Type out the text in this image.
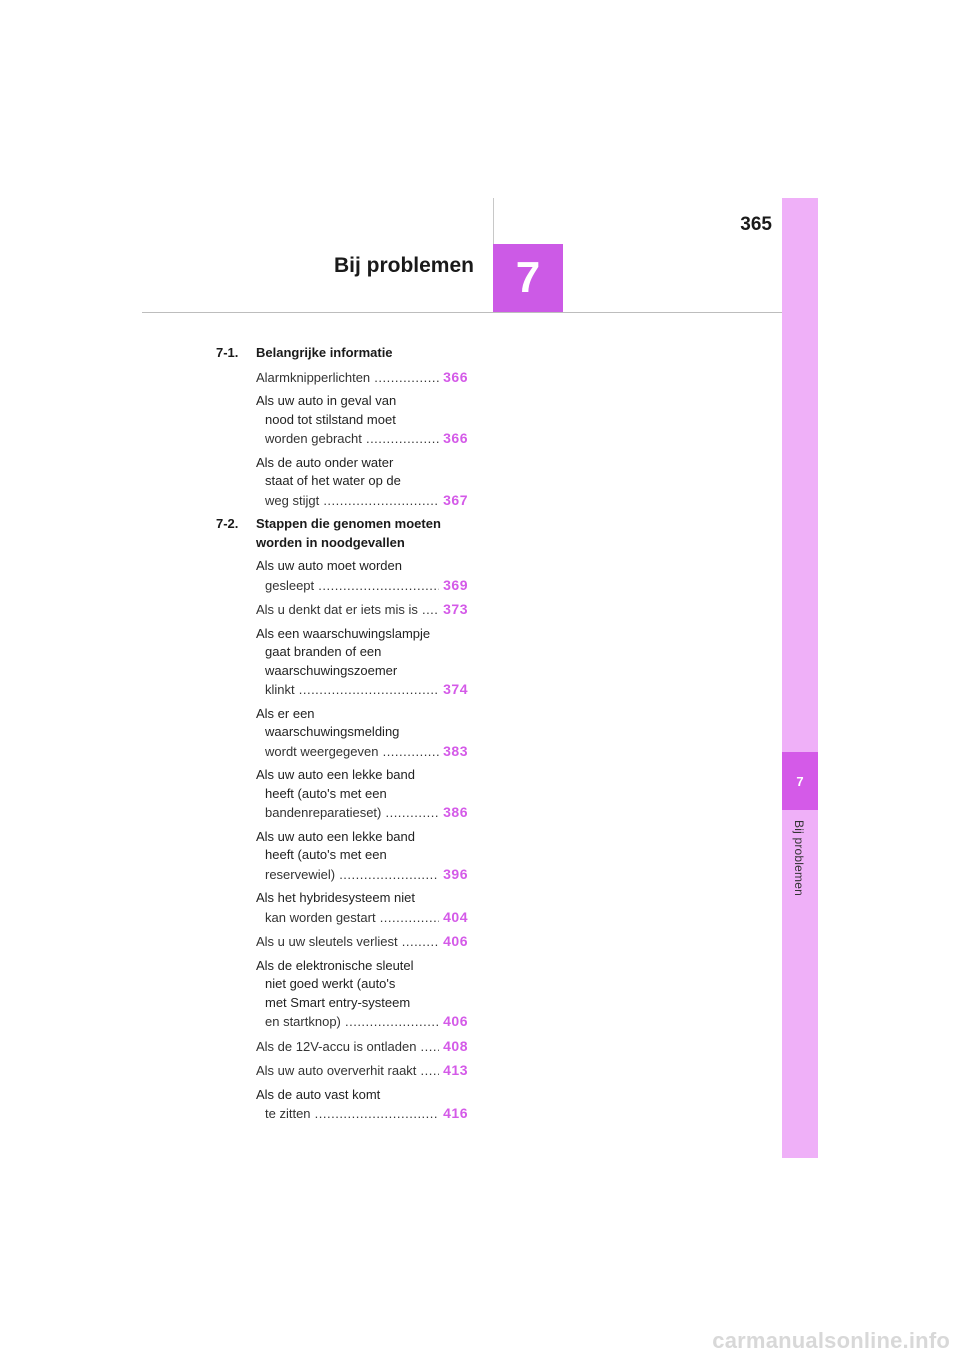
7
Bij problemen
365
7
Bij problemen
7-1. Belangrijke informatie
Alarmknipperlichten .....	366
Als uw auto in geval van
nood tot stilstand moet
worden gebracht .....	366
Als de auto onder water
staat of het water op de
weg stijgt .....	367
7-2. Stappen die genomen moeten worden in noodgevallen
Als uw auto moet worden
gesleept .....	369
Als u denkt dat er iets mis is .....	373
Als een waarschuwingslampje
gaat branden of een
waarschuwingszoemer
klinkt .....	374
Als er een
waarschuwingsmelding
wordt weergegeven .....	383
Als uw auto een lekke band
heeft (auto's met een
bandenreparatieset) .....	386
Als uw auto een lekke band
heeft (auto's met een
reservewiel) .....	396
Als het hybridesysteem niet
kan worden gestart .....	404
Als u uw sleutels verliest .....	406
Als de elektronische sleutel
niet goed werkt (auto's
met Smart entry-systeem
en startknop) .....	406
Als de 12V-accu is ontladen .....	408
Als uw auto oververhit raakt .....	413
Als de auto vast komt
te zitten .....	416
carmanualsonline.info
